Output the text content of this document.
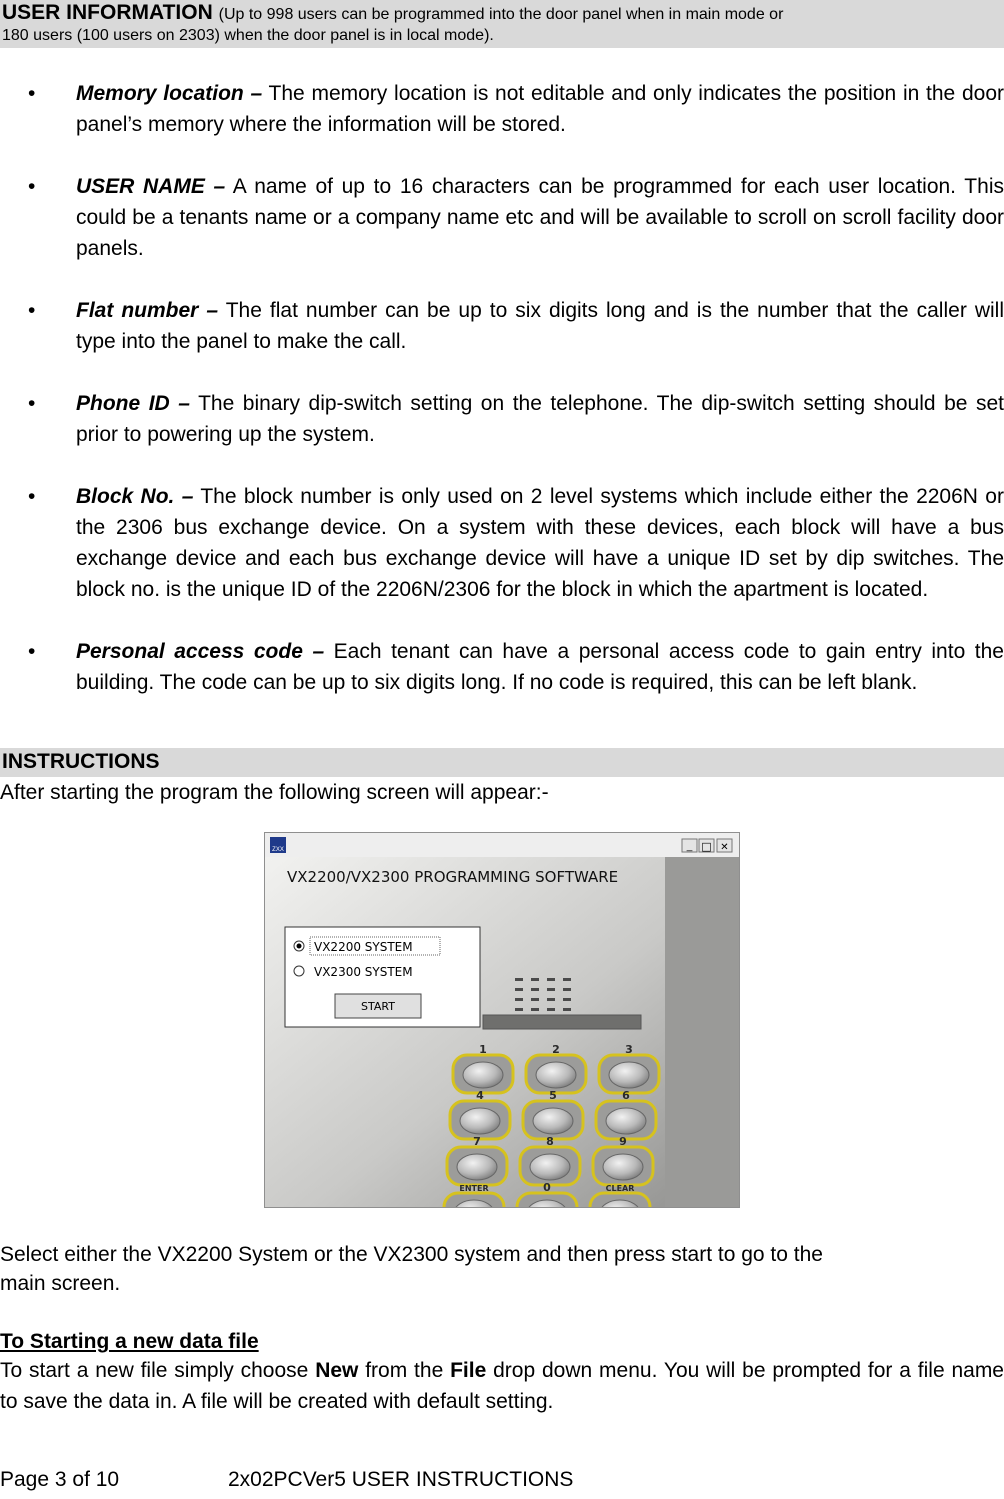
USER INFORMATION (Up to 998 users can be programmed into the door panel when in main mode or
180 users (100 users on 2303) when the door panel is in local mode).
• Memory location – The memory location is not editable and only indicates the position in the door panel’s memory where the information will be stored.
• USER NAME – A name of up to 16 characters can be programmed for each user location. This could be a tenants name or a company name etc and will be available to scroll on scroll facility door panels.
• Flat number – The flat number can be up to six digits long and is the number that the caller will type into the panel to make the call.
• Phone ID – The binary dip-switch setting on the telephone. The dip-switch setting should be set prior to powering up the system.
• Block No. – The block number is only used on 2 level systems which include either the 2206N or the 2306 bus exchange device. On a system with these devices, each block will have a bus exchange device and each bus exchange device will have a unique ID set by dip switches. The block no. is the unique ID of the 2206N/2306 for the block in which the apartment is located.
• Personal access code – Each tenant can have a personal access code to gain entry into the building. The code can be up to six digits long. If no code is required, this can be left blank.
INSTRUCTIONS
After starting the program the following screen will appear:-
ZXX	_ □ ✕
VX2200/VX2300 PROGRAMMING SOFTWARE
VX2200 SYSTEM
VX2300 SYSTEM
START
1	2	3
4	5	6
7	8	9
ENTER	0	CLEAR
Select either the VX2200 System or the VX2300 system and then press start to go to the
main screen.
To Starting a new data file
To start a new file simply choose New from the File drop down menu. You will be prompted for a file name to save the data in. A file will be created with default setting.
Page 3 of 10	2x02PCVer5 USER INSTRUCTIONS
